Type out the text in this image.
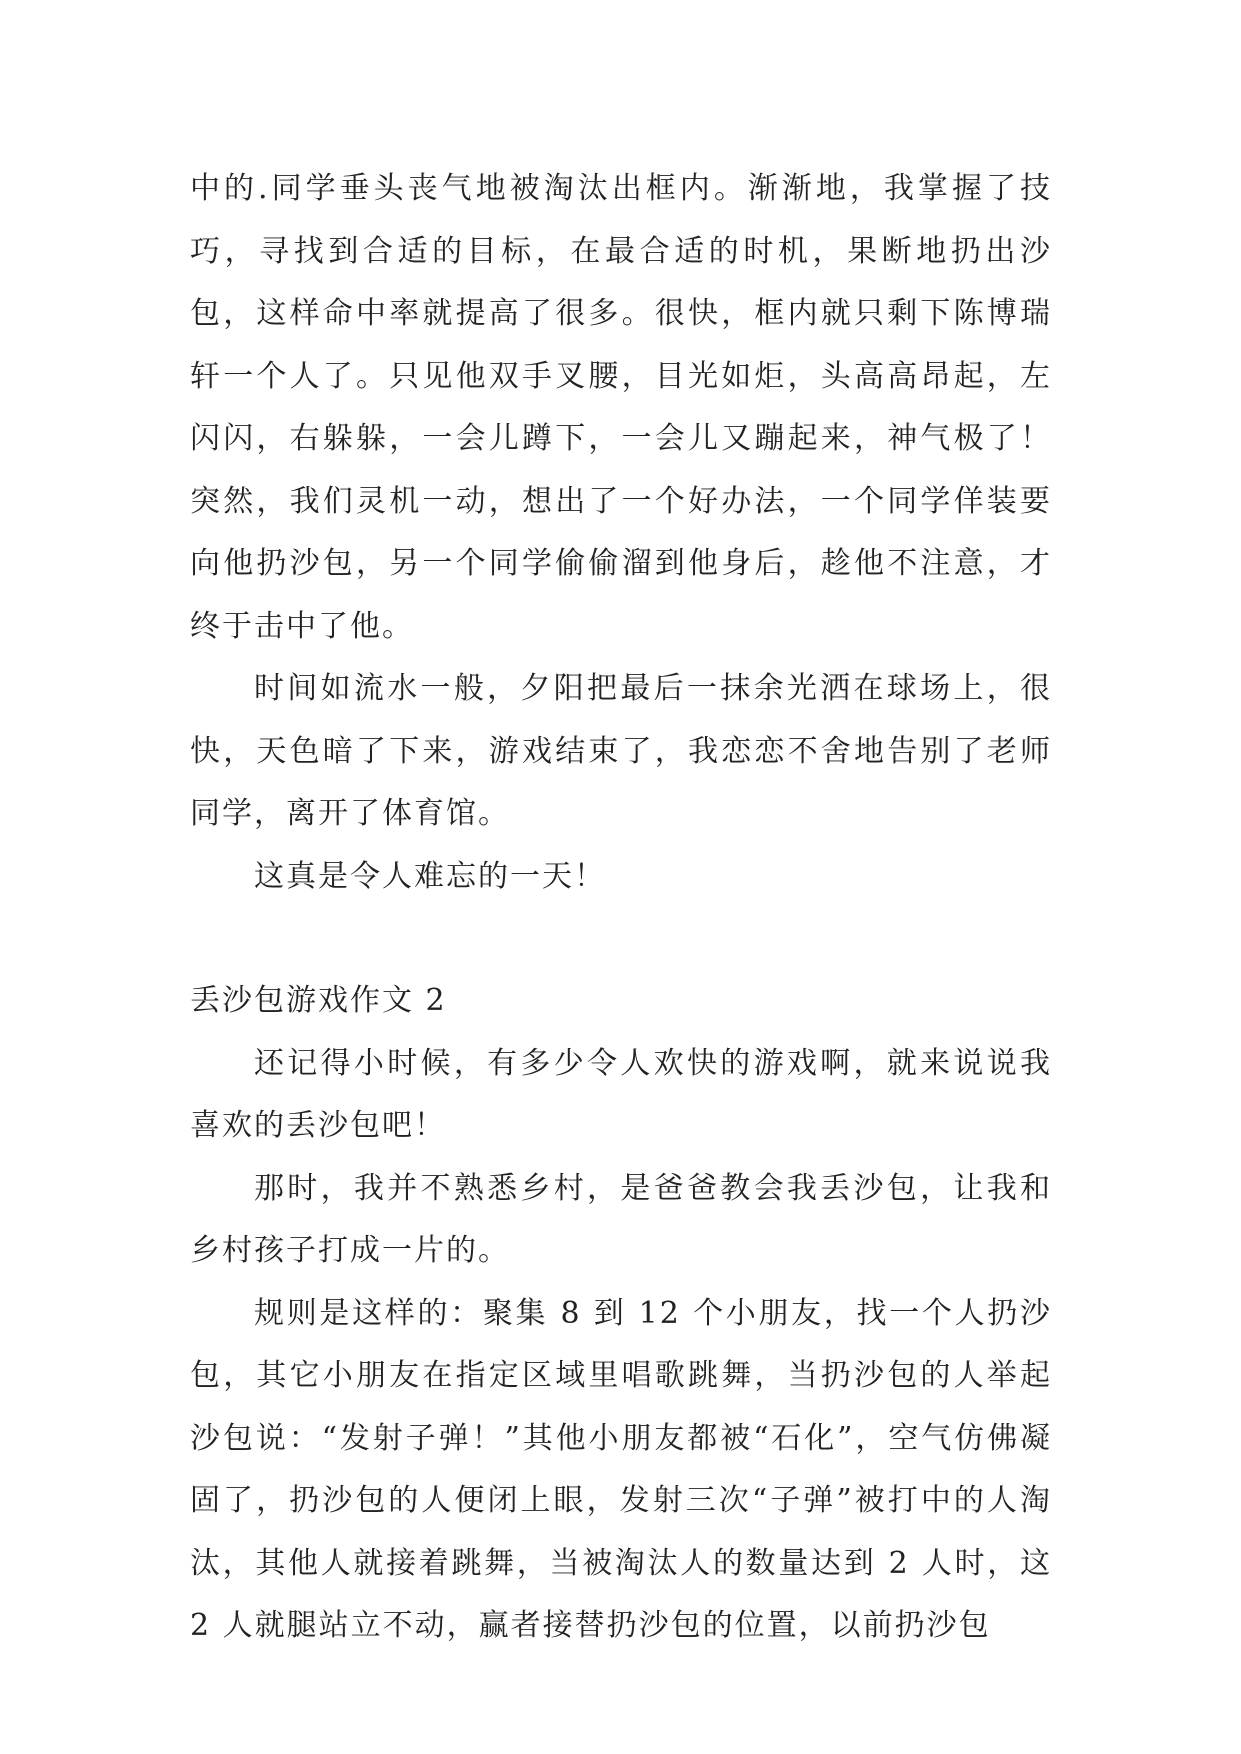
中的.同学垂头丧气地被淘汰出框内。渐渐地，我掌握了技巧，寻找到合适的目标，在最合适的时机，果断地扔出沙包，这样命中率就提高了很多。很快，框内就只剩下陈博瑞轩一个人了。只见他双手叉腰，目光如炬，头高高昂起，左闪闪，右躲躲，一会儿蹲下，一会儿又蹦起来，神气极了！突然，我们灵机一动，想出了一个好办法，一个同学佯装要向他扔沙包，另一个同学偷偷溜到他身后，趁他不注意，才终于击中了他。

时间如流水一般，夕阳把最后一抹余光洒在球场上，很快，天色暗了下来，游戏结束了，我恋恋不舍地告别了老师同学，离开了体育馆。

这真是令人难忘的一天！

丢沙包游戏作文 2

还记得小时候，有多少令人欢快的游戏啊，就来说说我喜欢的丢沙包吧！

那时，我并不熟悉乡村，是爸爸教会我丢沙包，让我和乡村孩子打成一片的。

规则是这样的：聚集 8 到 12 个小朋友，找一个人扔沙包，其它小朋友在指定区域里唱歌跳舞，当扔沙包的人举起沙包说：“发射子弹！”其他小朋友都被“石化”，空气仿佛凝固了，扔沙包的人便闭上眼，发射三次“子弹”被打中的人淘汰，其他人就接着跳舞，当被淘汰人的数量达到 2 人时，这 2 人就腿站立不动，赢者接替扔沙包的位置，以前扔沙包
